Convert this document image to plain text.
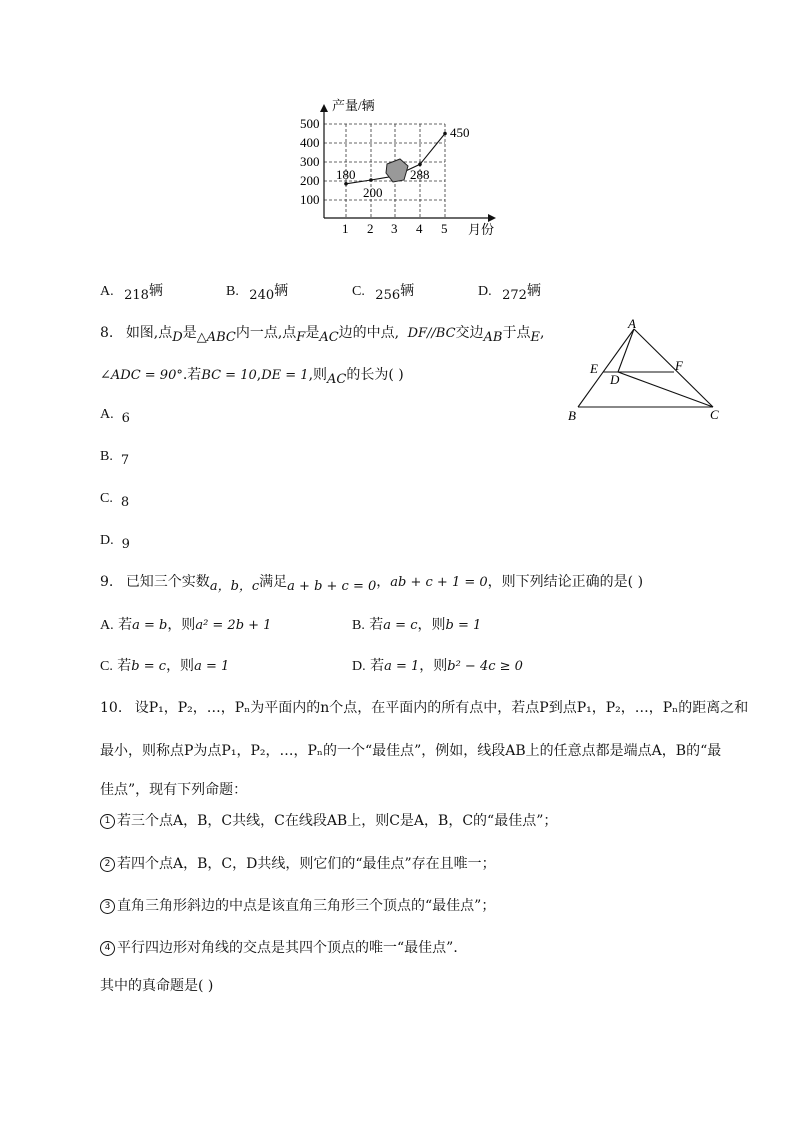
500
400
300
200
100
1 2 3 4 5
产量/辆
月份
180
200
288
450
A. 218辆	B. 240辆	C. 256辆	D. 272辆
8. 如图,点D是△ABC内一点,点F是AC边的中点, DF//BC交边AB于点E,
∠ADC = 90°.若BC = 10,DE = 1,则AC的长为( )
A. 6
B. 7
C. 8
D. 9
A
B	C
D
E	F
9. 已知三个实数a，b，c满足a + b + c = 0，ab + c + 1 = 0，则下列结论正确的是( )
A. 若a = b，则a² = 2b + 1	B. 若a = c，则b = 1
C. 若b = c，则a = 1	D. 若a = 1，则b² − 4c ≥ 0
10. 设P₁，P₂，…，Pₙ为平面内的n个点，在平面内的所有点中，若点P到点P₁，P₂，…，Pₙ的距离之和
最小，则称点P为点P₁，P₂，…，Pₙ的一个“最佳点”，例如，线段AB上的任意点都是端点A，B的“最
佳点”，现有下列命题：
若三个点A，B，C共线，C在线段AB上，则C是A，B，C的“最佳点”；
若四个点A，B，C，D共线，则它们的“最佳点”存在且唯一；
直角三角形斜边的中点是该直角三角形三个顶点的“最佳点”；
平行四边形对角线的交点是其四个顶点的唯一“最佳点”．
其中的真命题是( )
1
2
3
4
